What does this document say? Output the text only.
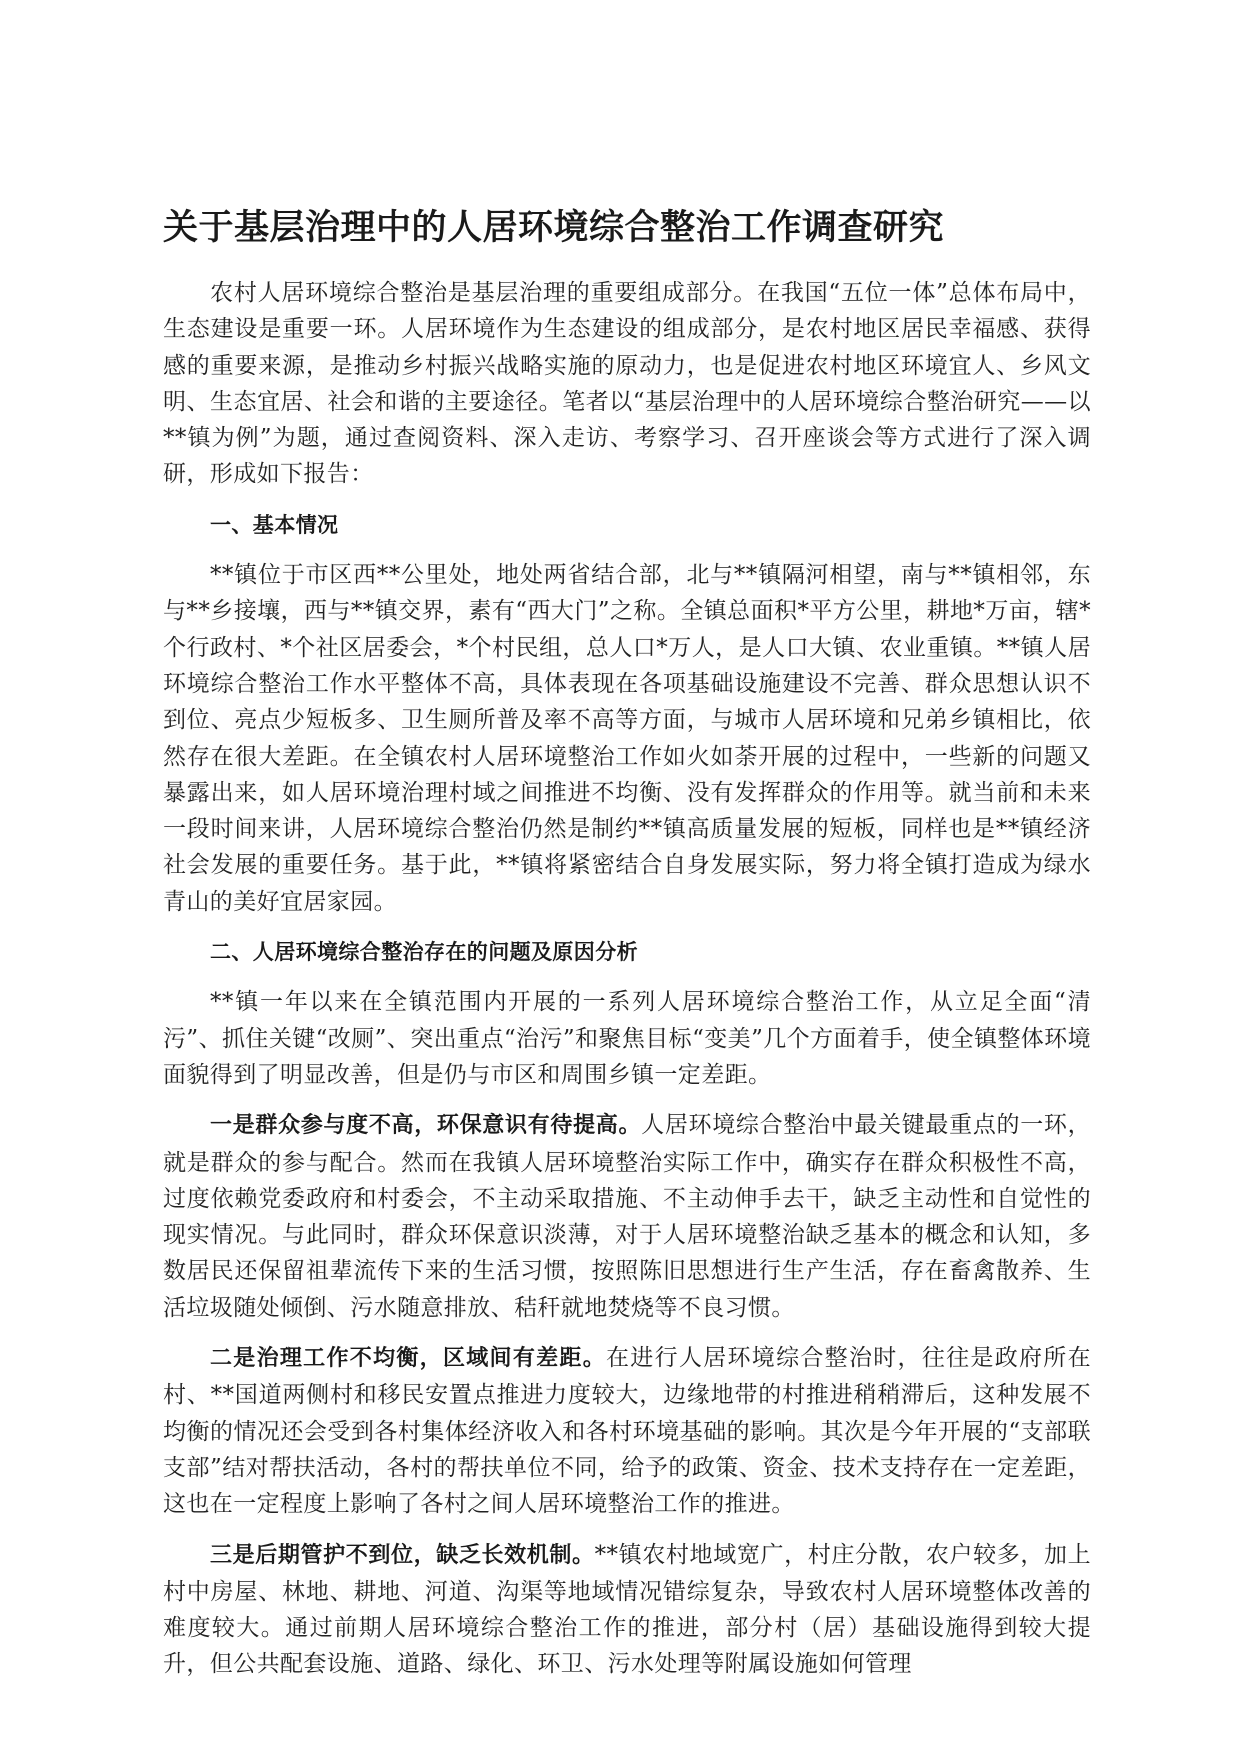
关于基层治理中的人居环境综合整治工作调查研究

农村人居环境综合整治是基层治理的重要组成部分。在我国“五位一体”总体布局中，生态建设是重要一环。人居环境作为生态建设的组成部分，是农村地区居民幸福感、获得感的重要来源，是推动乡村振兴战略实施的原动力，也是促进农村地区环境宜人、乡风文明、生态宜居、社会和谐的主要途径。笔者以“基层治理中的人居环境综合整治研究——以**镇为例”为题，通过查阅资料、深入走访、考察学习、召开座谈会等方式进行了深入调研，形成如下报告：

一、基本情况

**镇位于市区西**公里处，地处两省结合部，北与**镇隔河相望，南与**镇相邻，东与**乡接壤，西与**镇交界，素有“西大门”之称。全镇总面积*平方公里，耕地*万亩，辖*个行政村、*个社区居委会，*个村民组，总人口*万人，是人口大镇、农业重镇。**镇人居环境综合整治工作水平整体不高，具体表现在各项基础设施建设不完善、群众思想认识不到位、亮点少短板多、卫生厕所普及率不高等方面，与城市人居环境和兄弟乡镇相比，依然存在很大差距。在全镇农村人居环境整治工作如火如荼开展的过程中，一些新的问题又暴露出来，如人居环境治理村域之间推进不均衡、没有发挥群众的作用等。就当前和未来一段时间来讲，人居环境综合整治仍然是制约**镇高质量发展的短板，同样也是**镇经济社会发展的重要任务。基于此，**镇将紧密结合自身发展实际，努力将全镇打造成为绿水青山的美好宜居家园。

二、人居环境综合整治存在的问题及原因分析

**镇一年以来在全镇范围内开展的一系列人居环境综合整治工作，从立足全面“清污”、抓住关键“改厕”、突出重点“治污”和聚焦目标“变美”几个方面着手，使全镇整体环境面貌得到了明显改善，但是仍与市区和周围乡镇一定差距。

一是群众参与度不高，环保意识有待提高。人居环境综合整治中最关键最重点的一环，就是群众的参与配合。然而在我镇人居环境整治实际工作中，确实存在群众积极性不高，过度依赖党委政府和村委会，不主动采取措施、不主动伸手去干，缺乏主动性和自觉性的现实情况。与此同时，群众环保意识淡薄，对于人居环境整治缺乏基本的概念和认知，多数居民还保留祖辈流传下来的生活习惯，按照陈旧思想进行生产生活，存在畜禽散养、生活垃圾随处倾倒、污水随意排放、秸秆就地焚烧等不良习惯。

二是治理工作不均衡，区域间有差距。在进行人居环境综合整治时，往往是政府所在村、**国道两侧村和移民安置点推进力度较大，边缘地带的村推进稍稍滞后，这种发展不均衡的情况还会受到各村集体经济收入和各村环境基础的影响。其次是今年开展的“支部联支部”结对帮扶活动，各村的帮扶单位不同，给予的政策、资金、技术支持存在一定差距，这也在一定程度上影响了各村之间人居环境整治工作的推进。

三是后期管护不到位，缺乏长效机制。**镇农村地域宽广，村庄分散，农户较多，加上村中房屋、林地、耕地、河道、沟渠等地域情况错综复杂，导致农村人居环境整体改善的难度较大。通过前期人居环境综合整治工作的推进，部分村（居）基础设施得到较大提升，但公共配套设施、道路、绿化、环卫、污水处理等附属设施如何管理
